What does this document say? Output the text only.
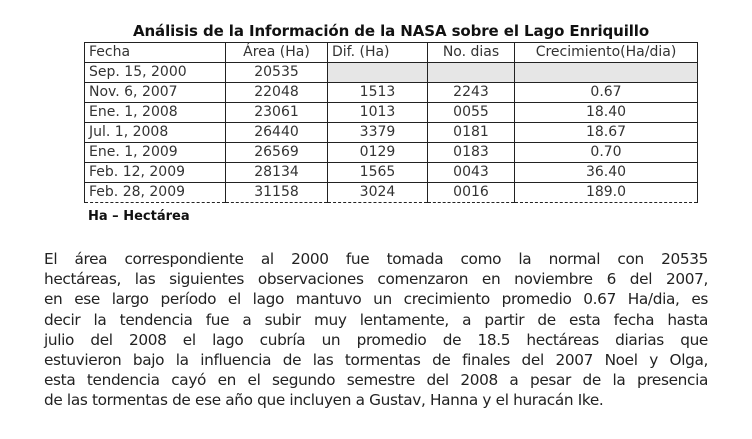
Análisis de la Información de la NASA sobre el Lago Enriquillo
Fecha	Área (Ha)	Dif. (Ha)	No. dias	Crecimiento(Ha/dia)
Sep. 15, 2000	20535			
Nov. 6, 2007	22048	1513	2243	0.67
Ene. 1, 2008	23061	1013	0055	18.40
Jul. 1, 2008	26440	3379	0181	18.67
Ene. 1, 2009	26569	0129	0183	0.70
Feb. 12, 2009	28134	1565	0043	36.40
Feb. 28, 2009	31158	3024	0016	189.0
Ha – Hectárea
El área correspondiente al 2000 fue tomada como la normal con 20535
hectáreas, las siguientes observaciones comenzaron en noviembre 6 del 2007,
en ese largo período el lago mantuvo un crecimiento promedio 0.67 Ha/dia, es
decir la tendencia fue a subir muy lentamente, a partir de esta fecha hasta
julio del 2008 el lago cubría un promedio de 18.5 hectáreas diarias que
estuvieron bajo la influencia de las tormentas de finales del 2007 Noel y Olga,
esta tendencia cayó en el segundo semestre del 2008 a pesar de la presencia
de las tormentas de ese año que incluyen a Gustav, Hanna y el huracán Ike.
